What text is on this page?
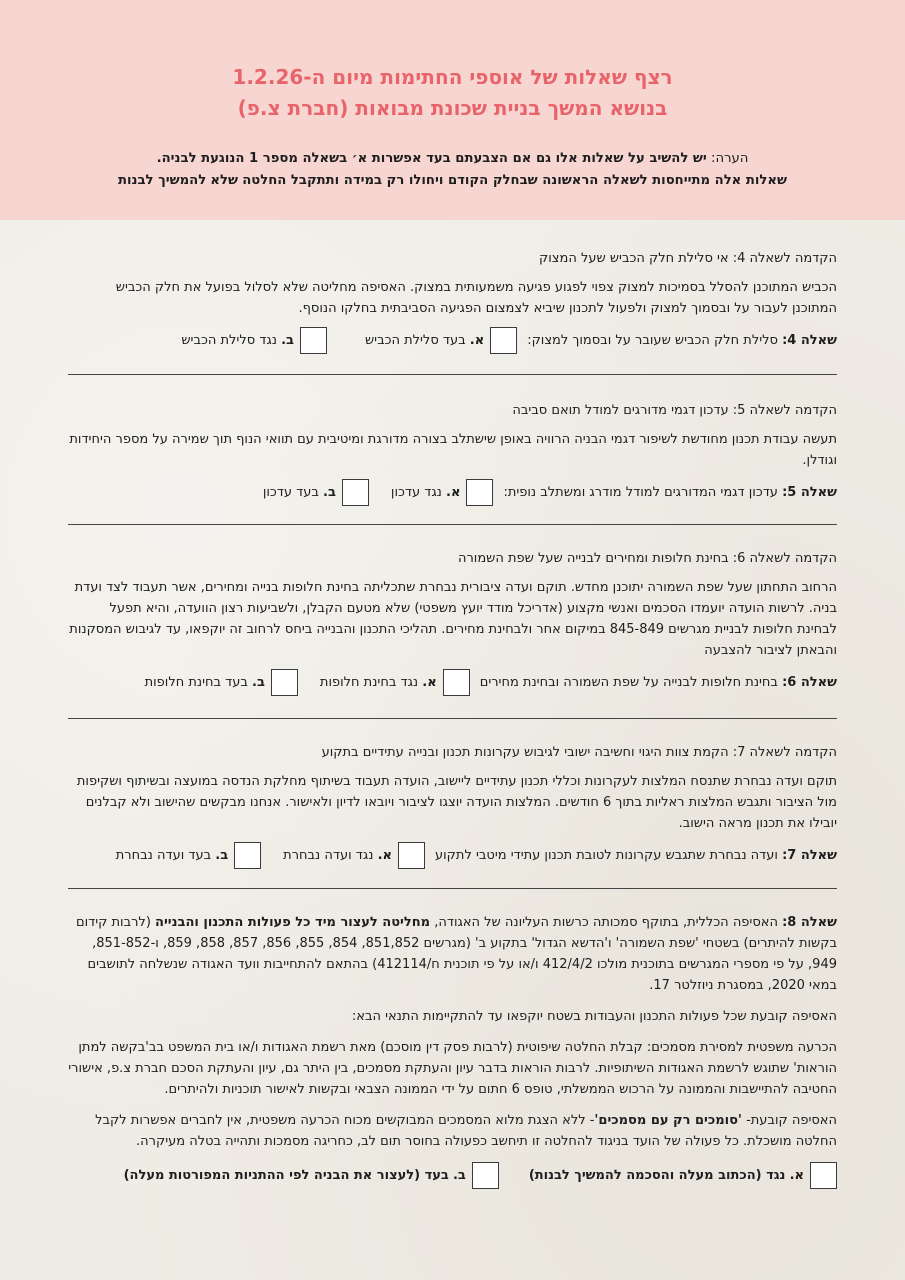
רצף שאלות של אוספי החתימות מיום ה-1.2.26
בנושא המשך בניית שכונת מבואות (חברת צ.פ)
הערה: יש להשיב על שאלות אלו גם אם הצבעתם בעד אפשרות א׳ בשאלה מספר 1 הנוגעת לבניה.
שאלות אלה מתייחסות לשאלה הראשונה שבחלק הקודם ויחולו רק במידה ותתקבל החלטה שלא להמשיך לבנות
הקדמה לשאלה 4: אי סלילת חלק הכביש שעל המצוק
הכביש המתוכנן להסלל בסמיכות למצוק צפוי לפגוע פגיעה משמעותית במצוק. האסיפה מחליטה שלא לסלול בפועל את חלק הכביש המתוכנן לעבור על ובסמוך למצוק ולפעול לתכנון שיביא לצמצום הפגיעה הסביבתית בחלקו הנוסף.
שאלה 4: סלילת חלק הכביש שעובר על ובסמוך למצוק:
א.

בעד סלילת הכביש
ב.

נגד סלילת הכביש
הקדמה לשאלה 5: עדכון דגמי מדורגים למודל תואם סביבה
תעשה עבודת תכנון מחודשת לשיפור דגמי הבניה הרוויה באופן שישתלב בצורה מדורגת ומיטיבית עם תוואי הנוף תוך שמירה על מספר היחידות וגודלן.
שאלה 5: עדכון דגמי המדורגים למודל מודרג ומשתלב נופית:
א.

נגד עדכון
ב.

בעד עדכון
הקדמה לשאלה 6: בחינת חלופות ומחירים לבנייה שעל שפת השמורה
הרחוב התחתון שעל שפת השמורה יתוכנן מחדש. תוקם ועדה ציבורית נבחרת שתכליתה בחינת חלופות בנייה ומחירים, אשר תעבוד לצד ועדת בניה. לרשות הועדה יועמדו הסכמים ואנשי מקצוע (אדריכל מודד יועץ משפטי) שלא מטעם הקבלן, ולשביעות רצון הוועדה, והיא תפעל לבחינת חלופות לבניית מגרשים 845-849 במיקום אחר ולבחינת מחירים. תהליכי התכנון והבנייה ביחס לרחוב זה יוקפאו, עד לגיבוש המסקנות והבאתן לציבור להצבעה
שאלה 6: בחינת חלופות לבנייה על שפת השמורה ובחינת מחירים
א.

נגד בחינת חלופות
ב.

בעד בחינת חלופות
הקדמה לשאלה 7: הקמת צוות היגוי וחשיבה ישובי לגיבוש עקרונות תכנון ובנייה עתידיים בתקוע
תוקם ועדה נבחרת שתנסח המלצות לעקרונות וכללי תכנון עתידיים ליישוב, הועדה תעבוד בשיתוף מחלקת הנדסה במועצה ובשיתוף ושקיפות מול הציבור ותגבש המלצות ראליות בתוך 6 חודשים. המלצות הועדה יוצגו לציבור ויובאו לדיון ולאישור. אנחנו מבקשים שהישוב ולא קבלנים יובילו את תכנון מראה הישוב.
שאלה 7: ועדה נבחרת שתגבש עקרונות לטובת תכנון עתידי מיטבי לתקוע
א.

נגד ועדה נבחרת
ב.

בעד ועדה נבחרת
שאלה 8: האסיפה הכללית, בתוקף סמכותה כרשות העליונה של האגודה, מחליטה לעצור מיד כל פעולות התכנון והבנייה (לרבות קידום בקשות להיתרים) בשטחי 'שפת השמורה' ו'הדשא הגדול' בתקוע ב' (מגרשים 851,852, 854, 855, 856, 857, 858, 859, ו-851-852, 949, על פי מספרי המגרשים בתוכנית מולכו 412/4/2 ו/או על פי תוכנית ח/412114) בהתאם להתחייבות וועד האגודה שנשלחה לתושבים במאי 2020, במסגרת ניוזלטר 17.
האסיפה קובעת שכל פעולות התכנון והעבודות בשטח יוקפאו עד להתקיימות התנאי הבא:
הכרעה משפטית למסירת מסמכים: קבלת החלטה שיפוטית (לרבות פסק דין מוסכם) מאת רשמת האגודות ו/או בית המשפט בב'בקשה למתן הוראות' שתוגש לרשמת האגודות השיתופיות. לרבות הוראות בדבר עיון והעתקת מסמכים, בין היתר גם, עיון והעתקת הסכם חברת צ.פ, אישורי החטיבה להתיישבות והממונה על הרכוש הממשלתי, טופס 6 חתום על ידי הממונה הצבאי ובקשות לאישור תוכניות ולהיתרים.
האסיפה קובעת- 'סומכים רק עם מסמכים'- ללא הצגת מלוא המסמכים המבוקשים מכוח הכרעה משפטית, אין לחברים אפשרות לקבל החלטה מושכלת. כל פעולה של הועד בניגוד להחלטה זו תיחשב כפעולה בחוסר תום לב, כחריגה מסמכות ותהייה בטלה מעיקרה.
א.

נגד (הכתוב מעלה והסכמה להמשיך לבנות)
ב.

בעד (לעצור את הבניה לפי ההתניות המפורטות מעלה)
